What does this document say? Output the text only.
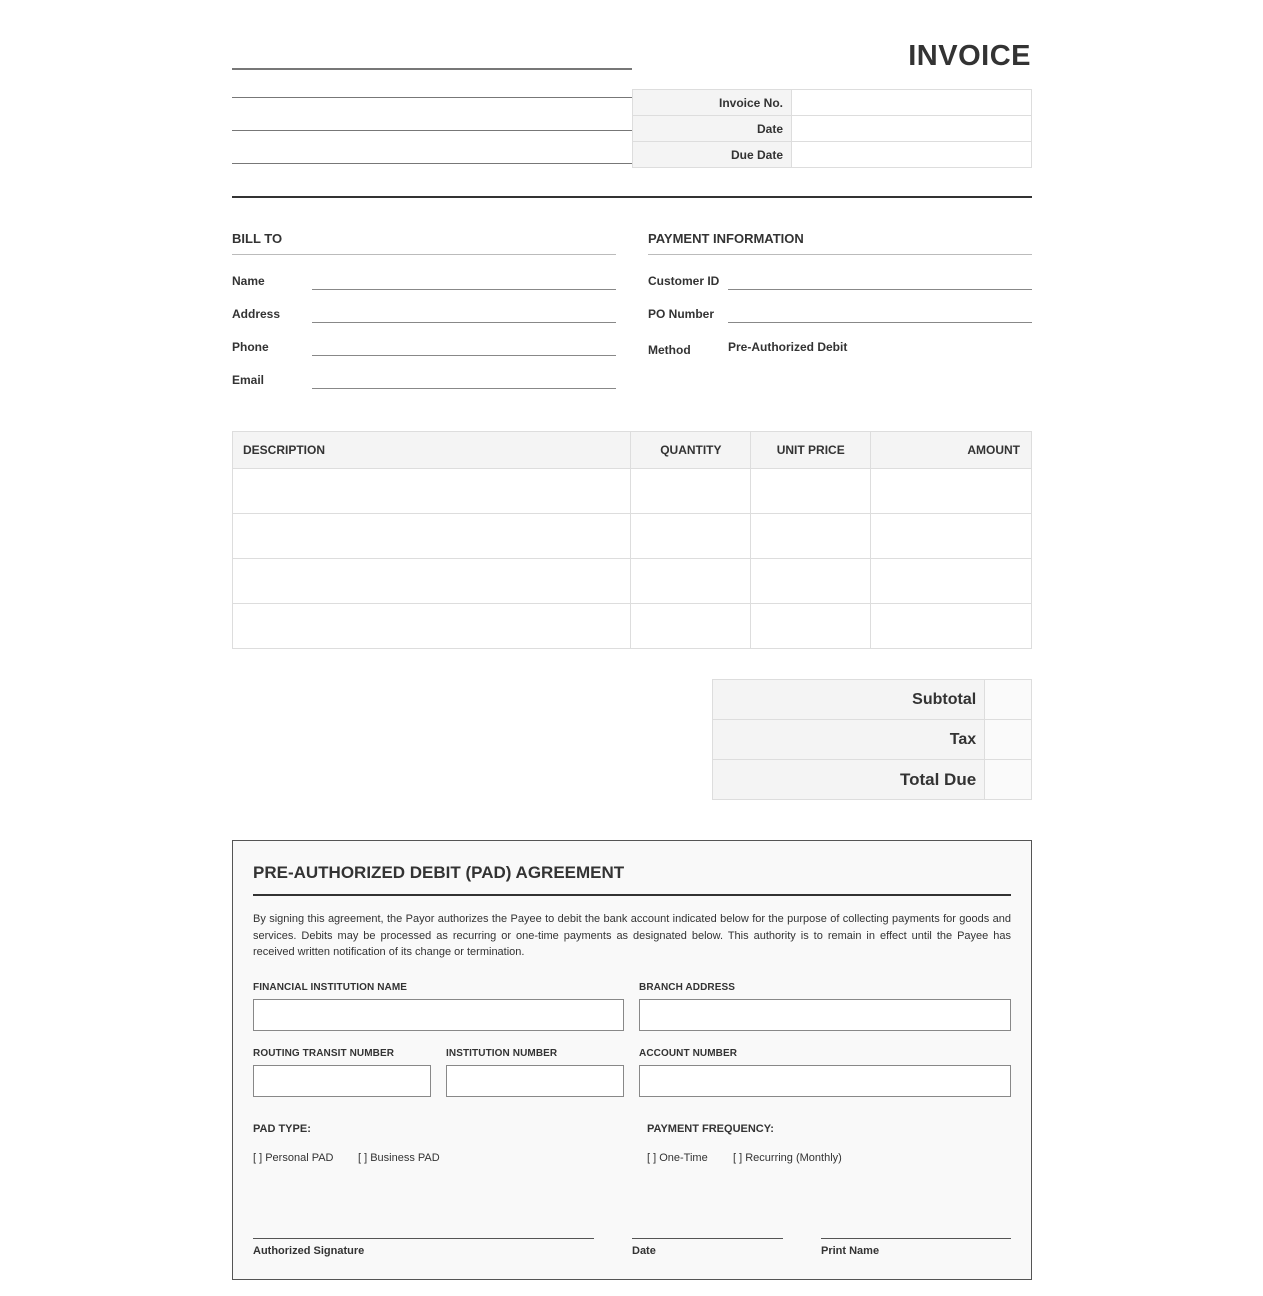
INVOICE
Invoice No.	
Date	
Due Date	
BILL TO
Name
Address
Phone
Email
PAYMENT INFORMATION
Customer ID
PO Number
Method	Pre-Authorized Debit
DESCRIPTION	QUANTITY	UNIT PRICE	AMOUNT

Subtotal	
Tax	
Total Due	
PRE-AUTHORIZED DEBIT (PAD) AGREEMENT
By signing this agreement, the Payor authorizes the Payee to debit the bank account indicated below for the purpose of collecting payments for goods and services. Debits may be processed as recurring or one-time payments as designated below. This authority is to remain in effect until the Payee has received written notification of its change or termination.
FINANCIAL INSTITUTION NAME	BRANCH ADDRESS
ROUTING TRANSIT NUMBER	INSTITUTION NUMBER	ACCOUNT NUMBER
PAD TYPE:
[ ] Personal PAD [ ] Business PAD
PAYMENT FREQUENCY:
[ ] One-Time [ ] Recurring (Monthly)
Authorized Signature	Date	Print Name
